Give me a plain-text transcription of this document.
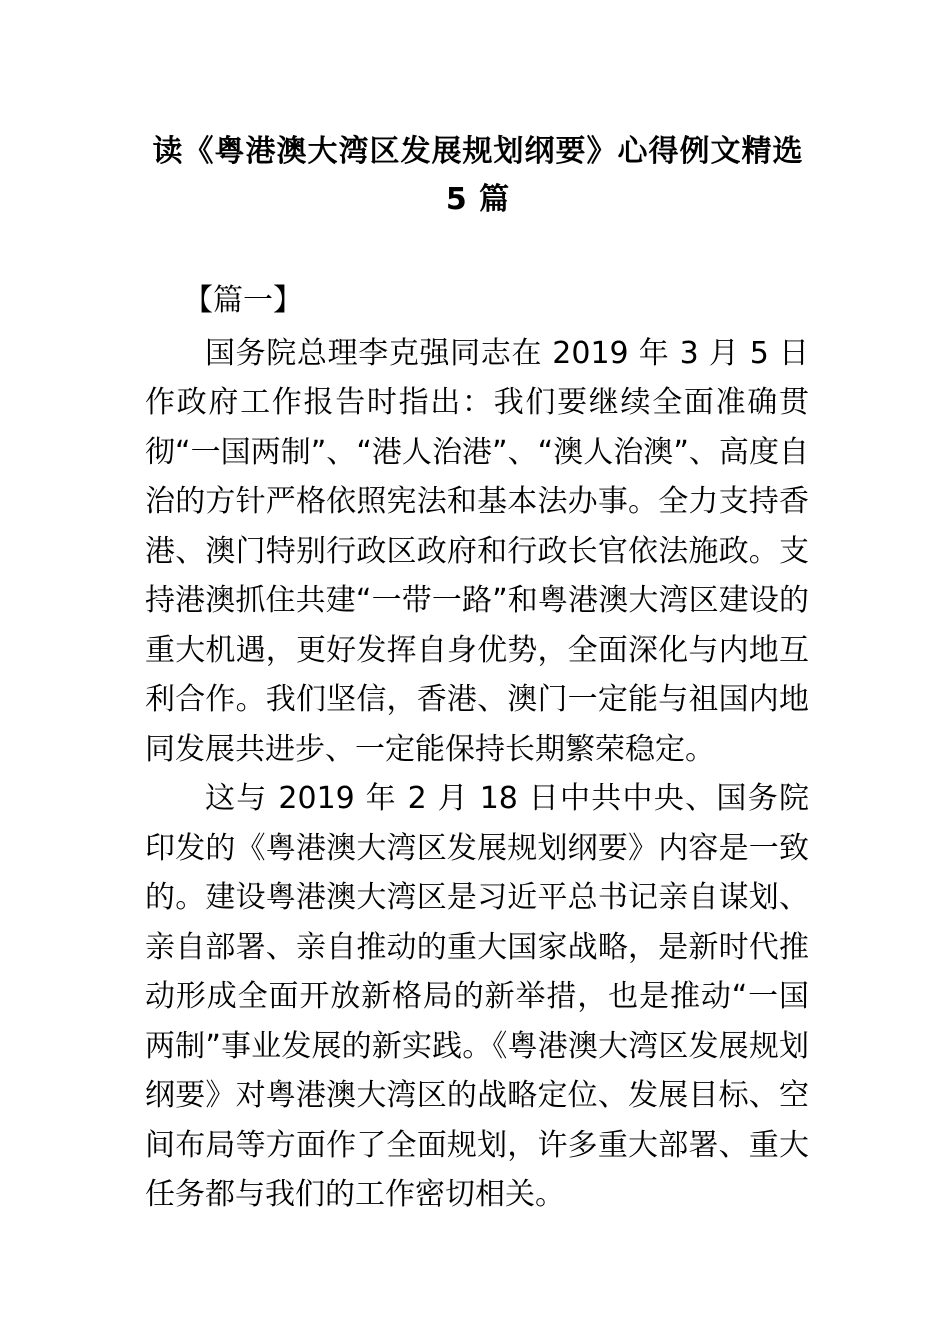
读《粤港澳大湾区发展规划纲要》心得例文精选 5 篇
【篇一】

国务院总理李克强同志在 2019 年 3 月 5 日作政府工作报告时指出：我们要继续全面准确贯彻“一国两制”、“港人治港”、“澳人治澳”、高度自治的方针严格依照宪法和基本法办事。全力支持香港、澳门特别行政区政府和行政长官依法施政。支持港澳抓住共建“一带一路”和粤港澳大湾区建设的重大机遇，更好发挥自身优势，全面深化与内地互利合作。我们坚信，香港、澳门一定能与祖国内地同发展共进步、一定能保持长期繁荣稳定。

这与 2019 年 2 月 18 日中共中央、国务院印发的《粤港澳大湾区发展规划纲要》内容是一致的。建设粤港澳大湾区是习近平总书记亲自谋划、亲自部署、亲自推动的重大国家战略，是新时代推动形成全面开放新格局的新举措，也是推动“一国两制”事业发展的新实践。《粤港澳大湾区发展规划纲要》对粤港澳大湾区的战略定位、发展目标、空间布局等方面作了全面规划，许多重大部署、重大任务都与我们的工作密切相关。
